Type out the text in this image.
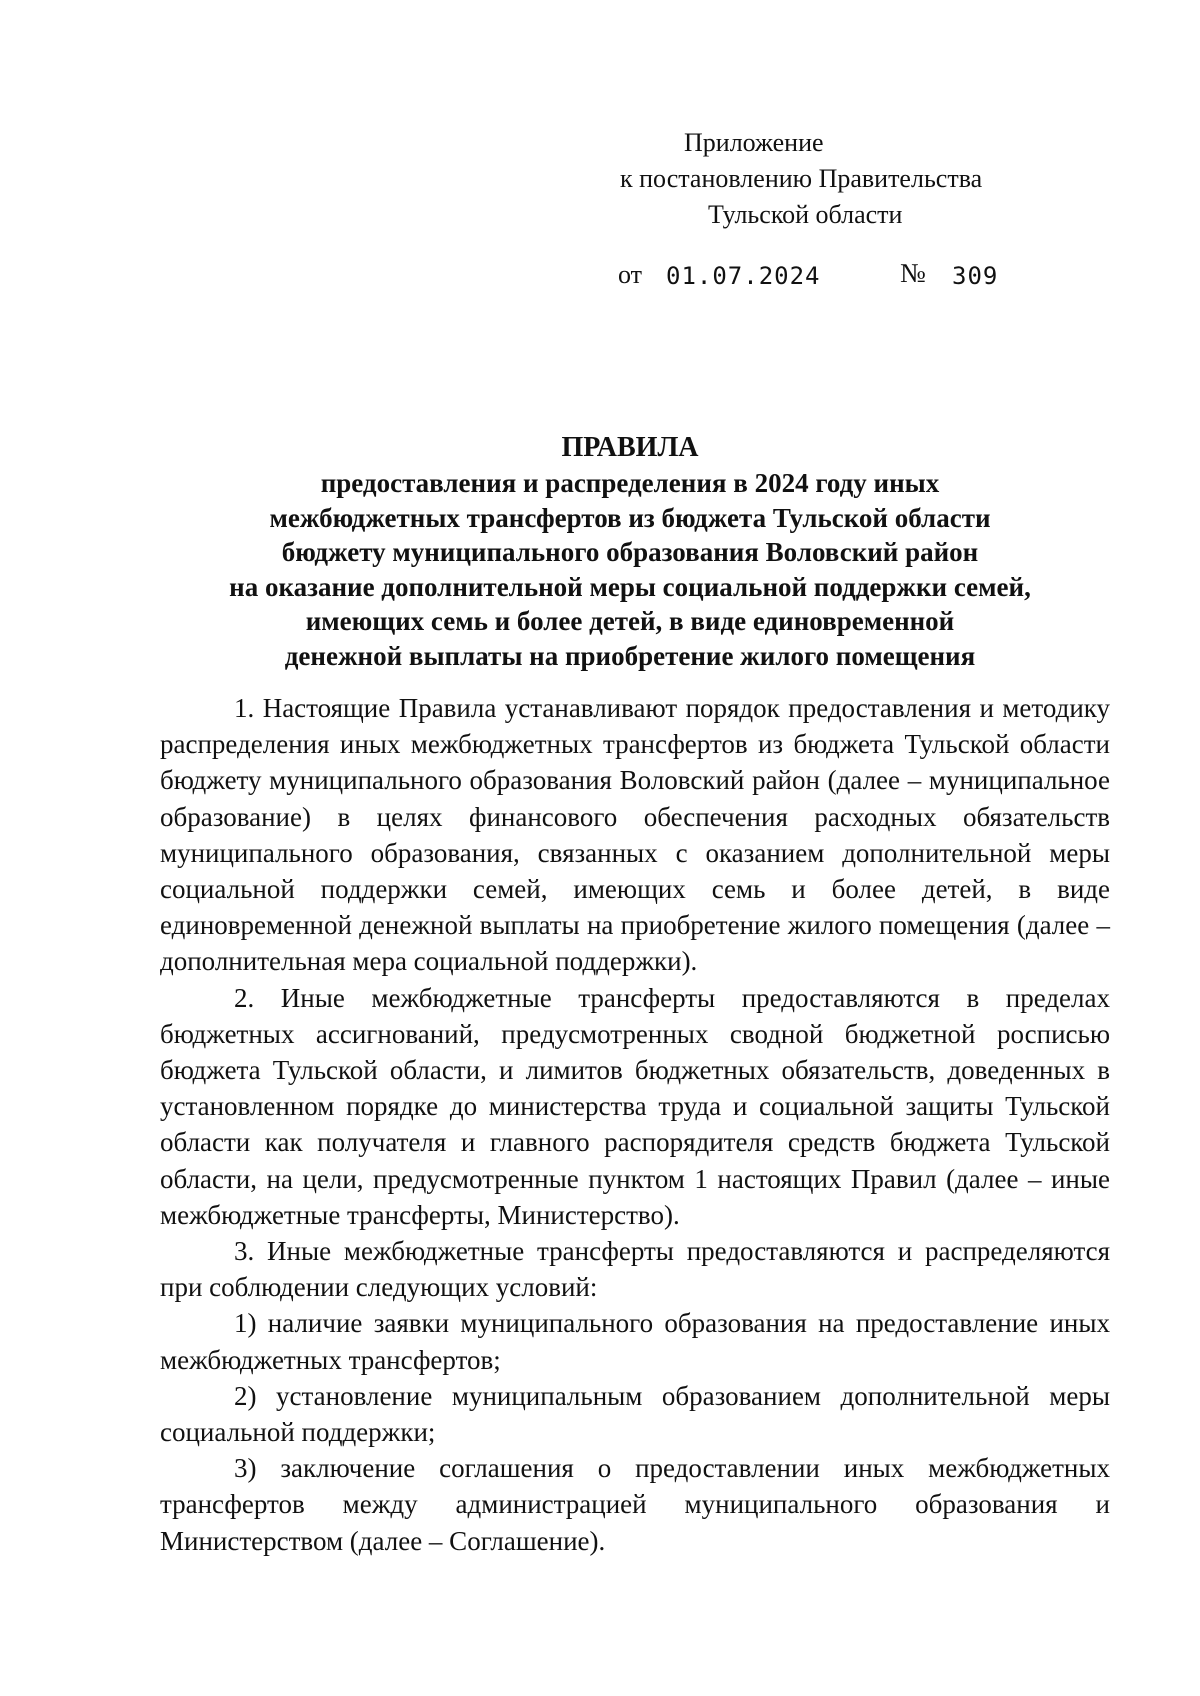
Приложение
к постановлению Правительства
Тульской области
от 01.07.2024	№ 309
ПРАВИЛА
предоставления и распределения в 2024 году иных
межбюджетных трансфертов из бюджета Тульской области
бюджету муниципального образования Воловский район
на оказание дополнительной меры социальной поддержки семей,
имеющих семь и более детей, в виде единовременной
денежной выплаты на приобретение жилого помещения

1. Настоящие Правила устанавливают порядок предоставления и методику распределения иных межбюджетных трансфертов из бюджета Тульской области бюджету муниципального образования Воловский район (далее – муниципальное образование) в целях финансового обеспечения расходных обязательств муниципального образования, связанных с оказанием дополнительной меры социальной поддержки семей, имеющих семь и более детей, в виде единовременной денежной выплаты на приобретение жилого помещения (далее – дополнительная мера социальной поддержки).

2. Иные межбюджетные трансферты предоставляются в пределах бюджетных ассигнований, предусмотренных сводной бюджетной росписью бюджета Тульской области, и лимитов бюджетных обязательств, доведенных в установленном порядке до министерства труда и социальной защиты Тульской области как получателя и главного распорядителя средств бюджета Тульской области, на цели, предусмотренные пунктом 1 настоящих Правил (далее – иные межбюджетные трансферты, Министерство).

3. Иные межбюджетные трансферты предоставляются и распределяются при соблюдении следующих условий:

1) наличие заявки муниципального образования на предоставление иных межбюджетных трансфертов;

2) установление муниципальным образованием дополнительной меры социальной поддержки;

3) заключение соглашения о предоставлении иных межбюджетных трансфертов между администрацией муниципального образования и Министерством (далее – Соглашение).
